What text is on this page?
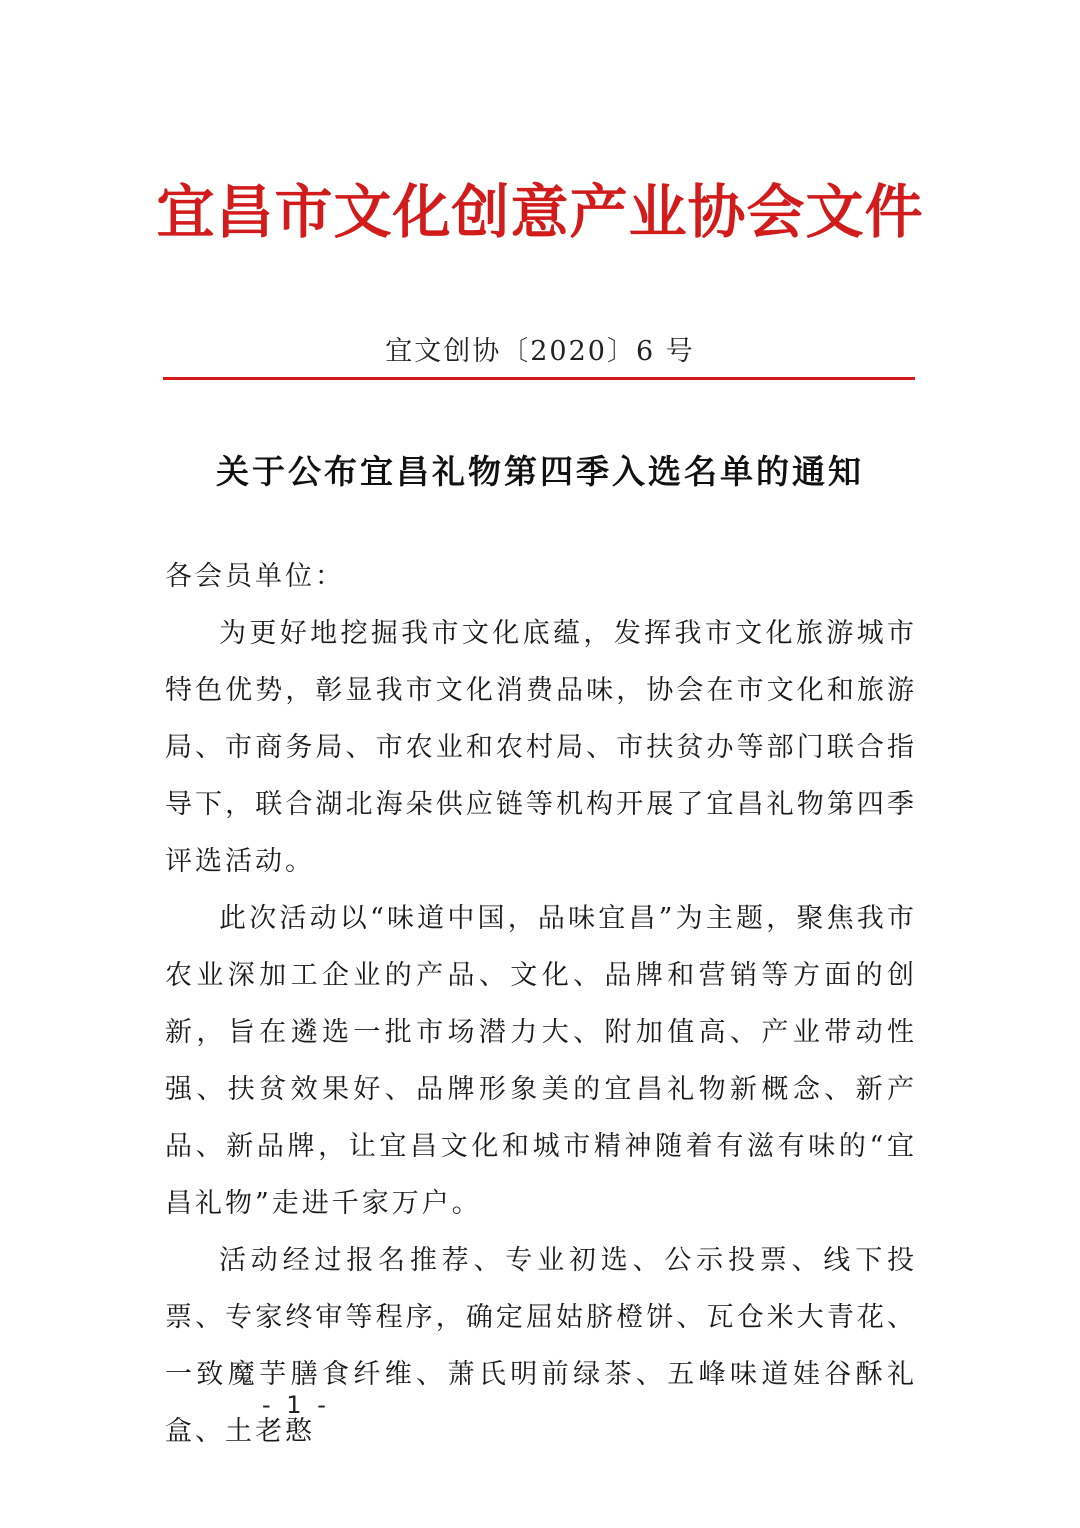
宜昌市文化创意产业协会文件
宜文创协〔2020〕6 号
关于公布宜昌礼物第四季入选名单的通知

各会员单位：

为更好地挖掘我市文化底蕴，发挥我市文化旅游城市特色优势，彰显我市文化消费品味，协会在市文化和旅游局、市商务局、市农业和农村局、市扶贫办等部门联合指导下，联合湖北海朵供应链等机构开展了宜昌礼物第四季评选活动。

此次活动以“味道中国，品味宜昌”为主题，聚焦我市农业深加工企业的产品、文化、品牌和营销等方面的创新，旨在遴选一批市场潜力大、附加值高、产业带动性强、扶贫效果好、品牌形象美的宜昌礼物新概念、新产品、新品牌，让宜昌文化和城市精神随着有滋有味的“宜昌礼物”走进千家万户。

活动经过报名推荐、专业初选、公示投票、线下投票、专家终审等程序，确定屈姑脐橙饼、瓦仓米大青花、一致魔芋膳食纤维、萧氏明前绿茶、五峰味道娃谷酥礼盒、土老憨

- 1 -
